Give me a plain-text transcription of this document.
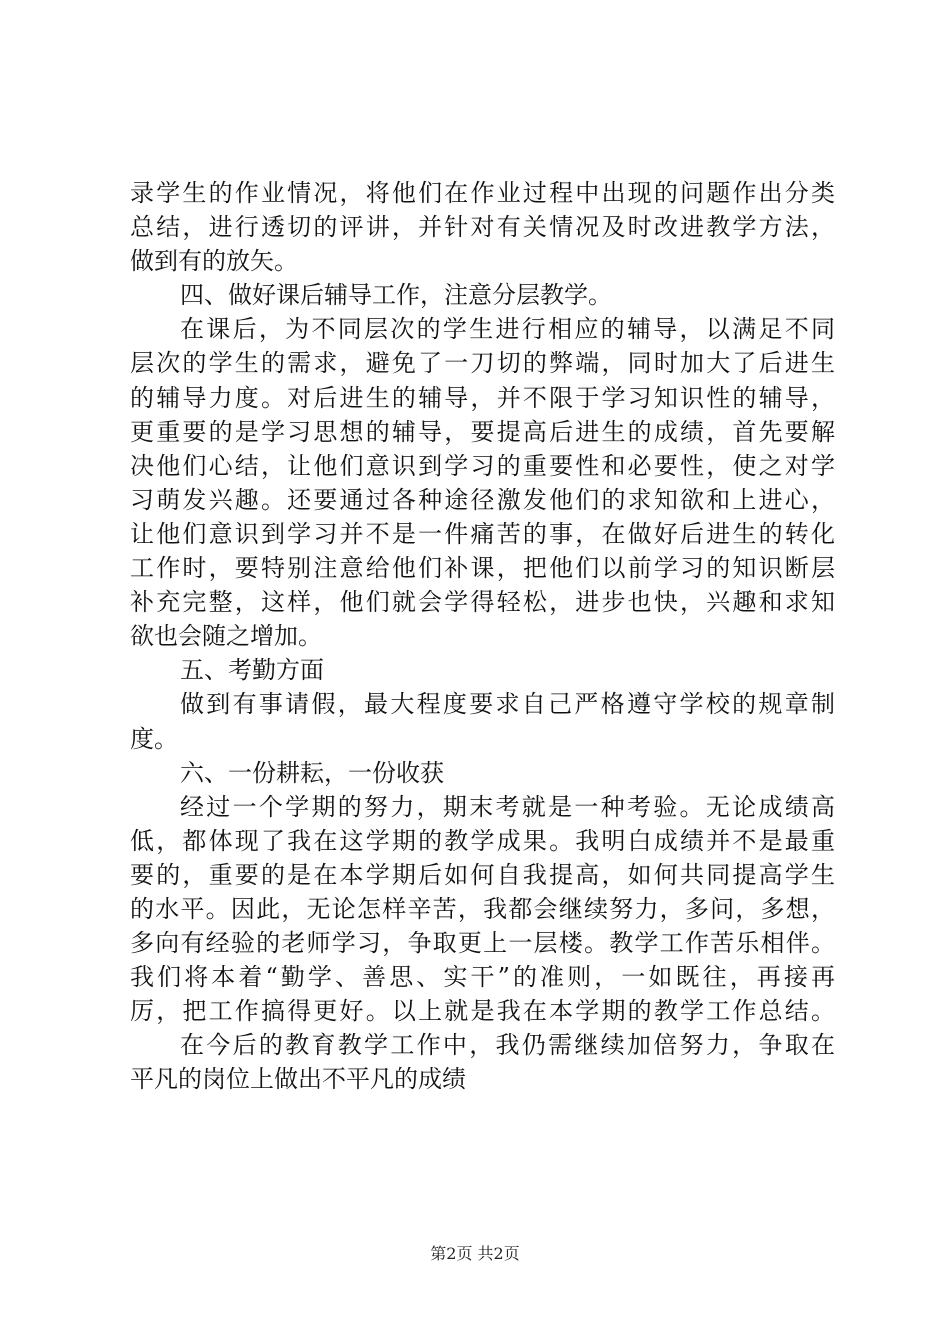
录学生的作业情况，将他们在作业过程中出现的问题作出分类
总结，进行透切的评讲，并针对有关情况及时改进教学方法，
做到有的放矢。
四、做好课后辅导工作，注意分层教学。
在课后，为不同层次的学生进行相应的辅导，以满足不同
层次的学生的需求，避免了一刀切的弊端，同时加大了后进生
的辅导力度。对后进生的辅导，并不限于学习知识性的辅导，
更重要的是学习思想的辅导，要提高后进生的成绩，首先要解
决他们心结，让他们意识到学习的重要性和必要性，使之对学
习萌发兴趣。还要通过各种途径激发他们的求知欲和上进心，
让他们意识到学习并不是一件痛苦的事，在做好后进生的转化
工作时，要特别注意给他们补课，把他们以前学习的知识断层
补充完整，这样，他们就会学得轻松，进步也快，兴趣和求知
欲也会随之增加。
五、考勤方面
做到有事请假，最大程度要求自己严格遵守学校的规章制
度。
六、一份耕耘，一份收获
经过一个学期的努力，期末考就是一种考验。无论成绩高
低，都体现了我在这学期的教学成果。我明白成绩并不是最重
要的，重要的是在本学期后如何自我提高，如何共同提高学生
的水平。因此，无论怎样辛苦，我都会继续努力，多问，多想，
多向有经验的老师学习，争取更上一层楼。教学工作苦乐相伴。
我们将本着“勤学、善思、实干”的准则，一如既往，再接再
厉，把工作搞得更好。以上就是我在本学期的教学工作总结。
在今后的教育教学工作中，我仍需继续加倍努力，争取在
平凡的岗位上做出不平凡的成绩
第2页 共2页
